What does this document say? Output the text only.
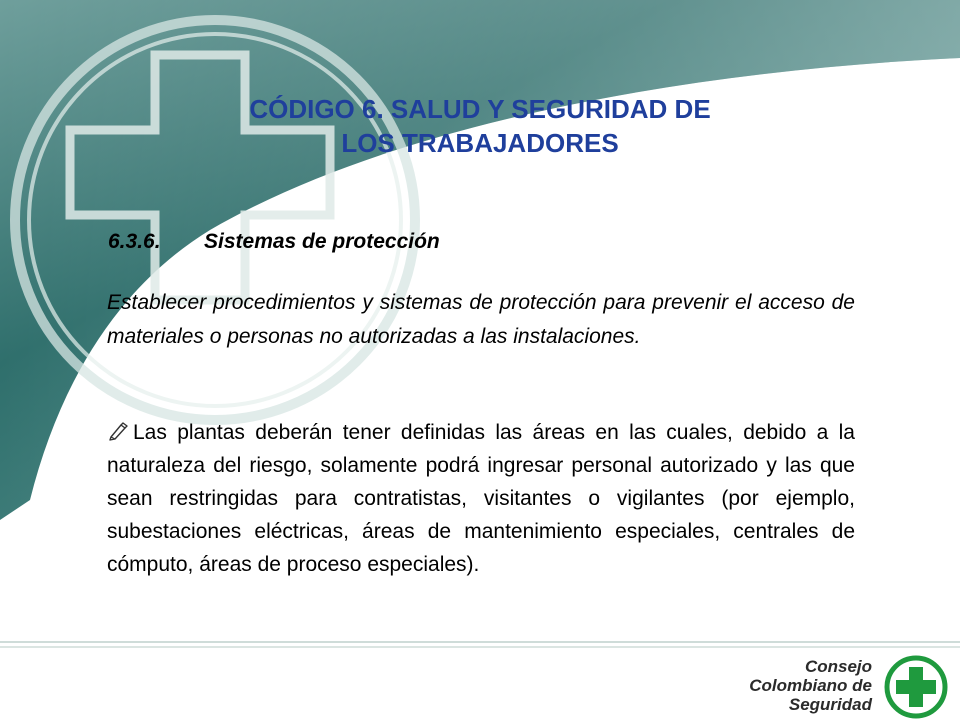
CÓDIGO 6. SALUD Y SEGURIDAD DE
LOS TRABAJADORES
6.3.6. Sistemas de protección
Establecer procedimientos y sistemas de protección para prevenir el acceso de materiales o personas no autorizadas a las instalaciones.
Las plantas deberán tener definidas las áreas en las cuales, debido a la naturaleza del riesgo, solamente podrá ingresar personal autorizado y las que sean restringidas para contratistas, visitantes o vigilantes (por ejemplo, subestaciones eléctricas, áreas de mantenimiento especiales, centrales de cómputo, áreas de proceso especiales).
Consejo
Colombiano de
Seguridad
